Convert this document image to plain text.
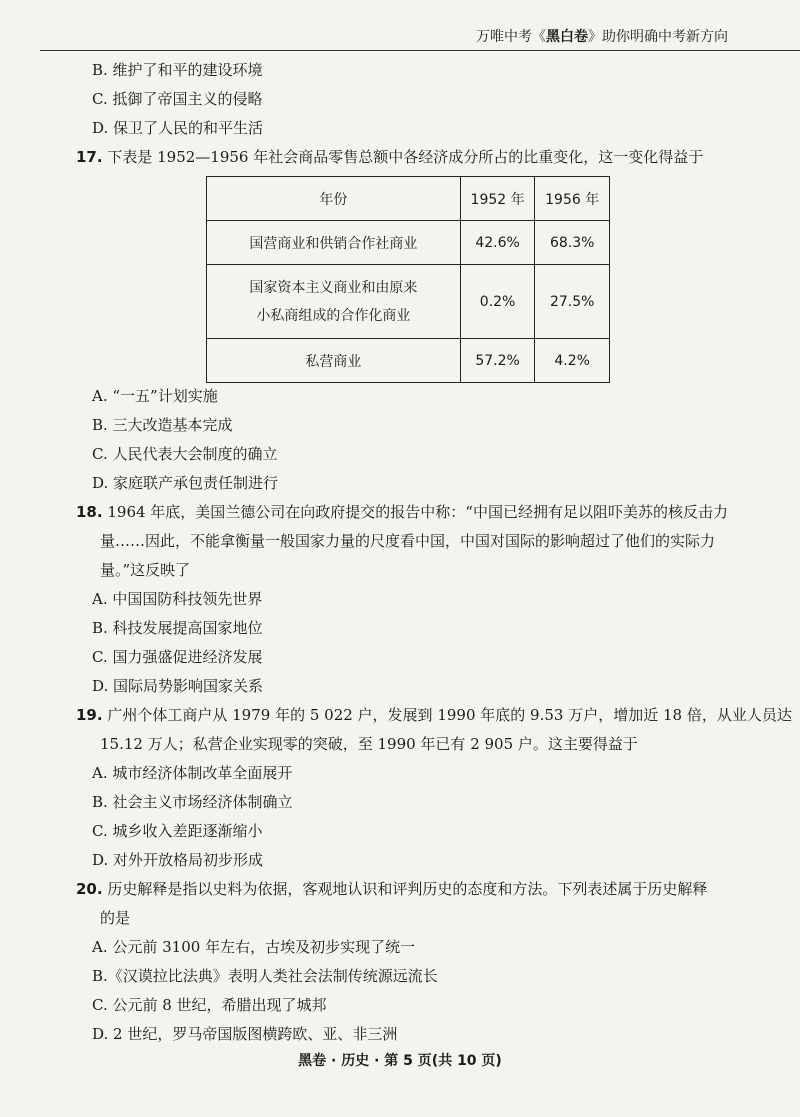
万唯中考《黑白卷》助你明确中考新方向
B. 维护了和平的建设环境
C. 抵御了帝国主义的侵略
D. 保卫了人民的和平生活
17. 下表是 1952—1956 年社会商品零售总额中各经济成分所占的比重变化，这一变化得益于
年份	1952 年	1956 年
国营商业和供销合作社商业	42.6%	68.3%

国家资本主义商业和由原来
小私商组成的合作化商业	0.2%	27.5%
私营商业	57.2%	4.2%
A. “一五”计划实施
B. 三大改造基本完成
C. 人民代表大会制度的确立
D. 家庭联产承包责任制进行
18. 1964 年底，美国兰德公司在向政府提交的报告中称：“中国已经拥有足以阻吓美苏的核反击力
量……因此，不能拿衡量一般国家力量的尺度看中国，中国对国际的影响超过了他们的实际力
量。”这反映了
A. 中国国防科技领先世界
B. 科技发展提高国家地位
C. 国力强盛促进经济发展
D. 国际局势影响国家关系
19. 广州个体工商户从 1979 年的 5 022 户，发展到 1990 年底的 9.53 万户，增加近 18 倍，从业人员达
15.12 万人；私营企业实现零的突破，至 1990 年已有 2 905 户。这主要得益于
A. 城市经济体制改革全面展开
B. 社会主义市场经济体制确立
C. 城乡收入差距逐渐缩小
D. 对外开放格局初步形成
20. 历史解释是指以史料为依据，客观地认识和评判历史的态度和方法。下列表述属于历史解释
的是
A. 公元前 3100 年左右，古埃及初步实现了统一
B.《汉谟拉比法典》表明人类社会法制传统源远流长
C. 公元前 8 世纪，希腊出现了城邦
D. 2 世纪，罗马帝国版图横跨欧、亚、非三洲
黑卷 · 历史 · 第 5 页(共 10 页)
